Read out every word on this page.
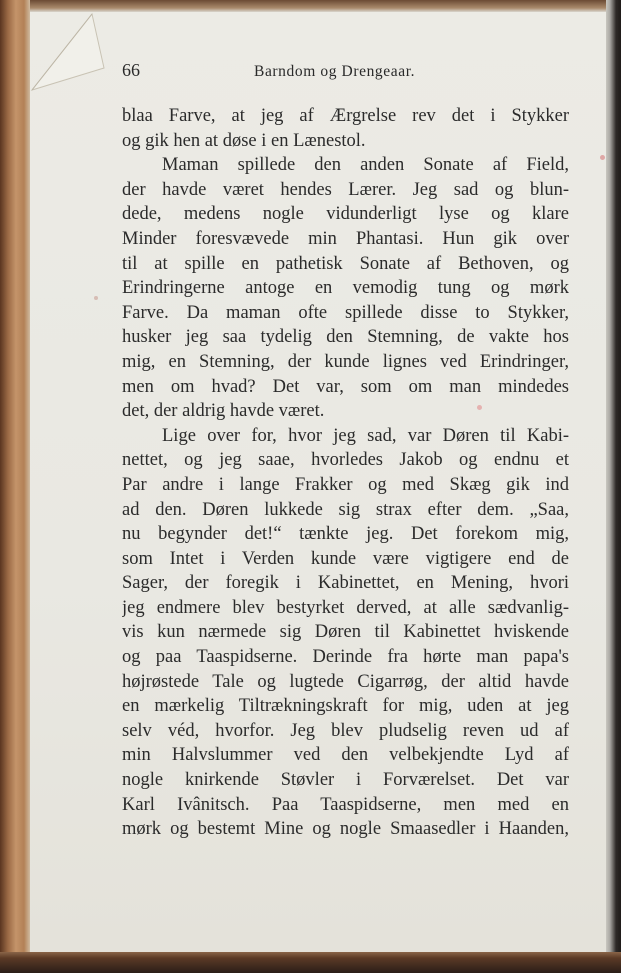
66	Barndom og Drengeaar.
blaa Farve, at jeg af Ærgrelse rev det i Stykker
og gik hen at døse i en Lænestol.
Maman spillede den anden Sonate af Field,
der havde været hendes Lærer. Jeg sad og blun-
dede, medens nogle vidunderligt lyse og klare
Minder foresvævede min Phantasi. Hun gik over
til at spille en pathetisk Sonate af Bethoven, og
Erindringerne antoge en vemodig tung og mørk
Farve. Da maman ofte spillede disse to Stykker,
husker jeg saa tydelig den Stemning, de vakte hos
mig, en Stemning, der kunde lignes ved Erindringer,
men om hvad? Det var, som om man mindedes
det, der aldrig havde været.
Lige over for, hvor jeg sad, var Døren til Kabi-
nettet, og jeg saae, hvorledes Jakob og endnu et
Par andre i lange Frakker og med Skæg gik ind
ad den. Døren lukkede sig strax efter dem. „Saa,
nu begynder det!“ tænkte jeg. Det forekom mig,
som Intet i Verden kunde være vigtigere end de
Sager, der foregik i Kabinettet, en Mening, hvori
jeg endmere blev bestyrket derved, at alle sædvanlig-
vis kun nærmede sig Døren til Kabinettet hviskende
og paa Taaspidserne. Derinde fra hørte man papa's
højrøstede Tale og lugtede Cigarrøg, der altid havde
en mærkelig Tiltrækningskraft for mig, uden at jeg
selv véd, hvorfor. Jeg blev pludselig reven ud af
min Halvslummer ved den velbekjendte Lyd af
nogle knirkende Støvler i Forværelset. Det var
Karl Ivânitsch. Paa Taaspidserne, men med en
mørk og bestemt Mine og nogle Smaasedler i Haanden,
